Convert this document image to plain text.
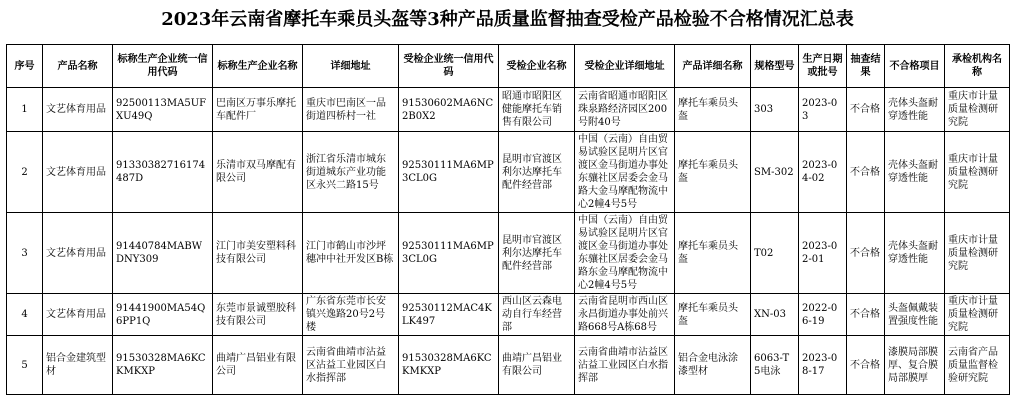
2023年云南省摩托车乘员头盔等3种产品质量监督抽查受检产品检验不合格情况汇总表
序号	产品名称	标称生产企业统一信用代码	标称生产企业名称	详细地址	受检企业统一信用代码	受检企业名称	受检企业详细地址	产品详细名称	规格型号	生产日期或批号	抽查结果	不合格项目	承检机构名称
1	文艺体育用品	92500113MA5UFXU49Q	巴南区万事乐摩托车配件厂	重庆市巴南区一品街道四桥村一社	91530602MA6NC2B0X2	昭通市昭阳区健能摩托车销售有限公司	云南省昭通市昭阳区珠泉路经济园区200号附40号	摩托车乘员头盔	303	2023-03	不合格	壳体头盔耐穿透性能	重庆市计量质量检测研究院
2	文艺体育用品	91330382716174487D	乐清市双马摩配有限公司	浙江省乐清市城东街道城东产业功能区永兴二路15号	92530111MA6MP3CL0G	昆明市官渡区利尔达摩托车配件经营部	中国（云南）自由贸易试验区昆明片区官渡区金马街道办事处东骧社区居委会金马路大金马摩配物流中心2幢4号5号	摩托车乘员头盔	SM-302	2023-04-02	不合格	壳体头盔耐穿透性能	重庆市计量质量检测研究院
3	文艺体育用品	91440784MABWDNY309	江门市美安塑料科技有限公司	江门市鹤山市沙坪穗冲中社开发区B栋	92530111MA6MP3CL0G	昆明市官渡区利尔达摩托车配件经营部	中国（云南）自由贸易试验区昆明片区官渡区金马街道办事处东骧社区居委会金马路东金马摩配物流中心2幢4号5号	摩托车乘员头盔	T02	2023-02-01	不合格	壳体头盔耐穿透性能	重庆市计量质量检测研究院
4	文艺体育用品	91441900MA54Q6PP1Q	东莞市景诚塑胶科技有限公司	广东省东莞市长安镇兴逸路20号2号楼	92530112MAC4KLK497	西山区云森电动自行车经营部	云南省昆明市西山区永昌街道办事处前兴路668号A栋68号	摩托车乘员头盔	XN-03	2022-06-19	不合格	头盔佩戴装置强度性能	重庆市计量质量检测研究院
5	铝合金建筑型材	91530328MA6KCKMKXP	曲靖广昌铝业有限公司	云南省曲靖市沾益区沾益工业园区白水指挥部	91530328MA6KCKMKXP	曲靖广昌铝业有限公司	云南省曲靖市沾益区沾益工业园区白水指挥部	铝合金电泳涂漆型材	6063-T5电泳	2023-08-17	不合格	漆膜局部膜厚、复合膜局部膜厚	云南省产品质量监督检验研究院
